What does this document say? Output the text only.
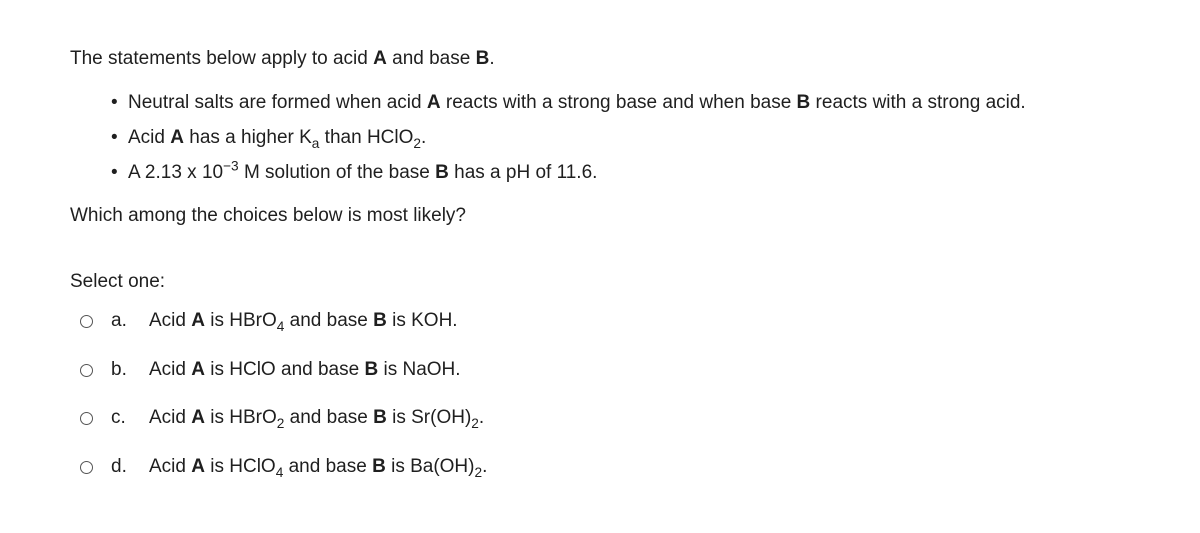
The statements below apply to acid A and base B.
• Neutral salts are formed when acid A reacts with a strong base and when base B reacts with a strong acid.
• Acid A has a higher $K_a$ than HClO$_2$.
• A 2.13 x $10^{-3}$ M solution of the base B has a pH of 11.6.
Which among the choices below is most likely?
Select one:
a.	Acid A is HBrO$_4$ and base B is KOH.
b.	Acid A is HClO and base B is NaOH.
c.	Acid A is HBrO$_2$ and base B is $Sr(OH)_2$.
d.	Acid A is HClO$_4$ and base B is $Ba(OH)_2$.
